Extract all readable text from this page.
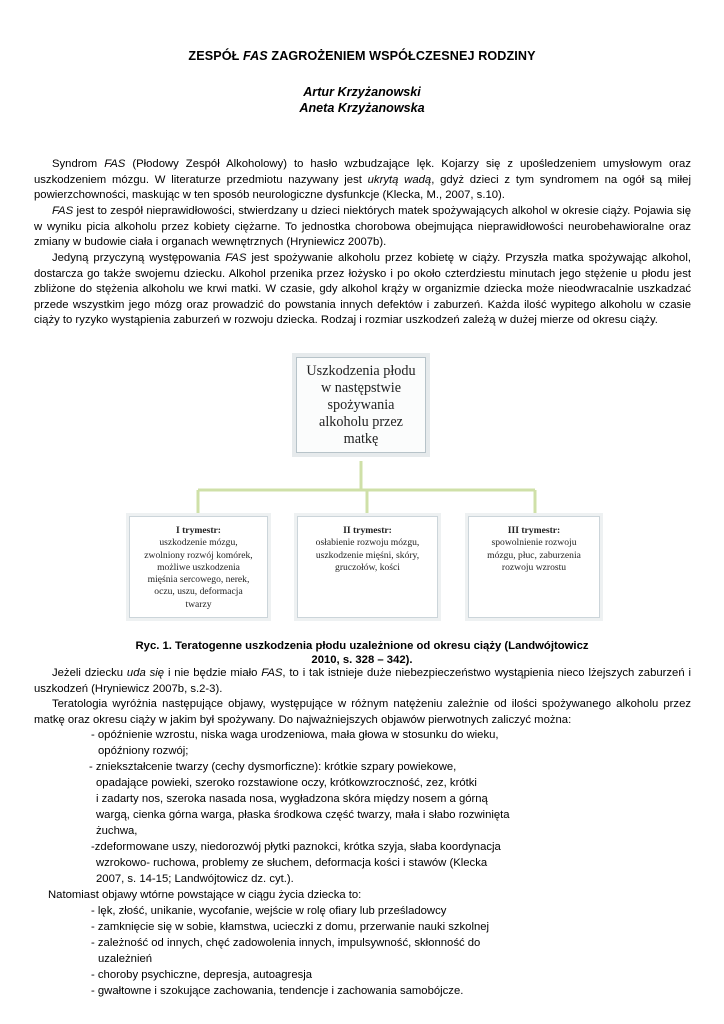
ZESPÓŁ FAS ZAGROŻENIEM WSPÓŁCZESNEJ RODZINY
Artur Krzyżanowski
Aneta Krzyżanowska

Syndrom FAS (Płodowy Zespół Alkoholowy) to hasło wzbudzające lęk. Kojarzy się z upośledzeniem umysłowym oraz uszkodzeniem mózgu. W literaturze przedmiotu nazywany jest ukrytą wadą, gdyż dzieci z tym syndromem na ogół są miłej powierzchowności, maskując w ten sposób neurologiczne dysfunkcje (Klecka, M., 2007, s.10).

FAS jest to zespół nieprawidłowości, stwierdzany u dzieci niektórych matek spożywających alkohol w okresie ciąży. Pojawia się w wyniku picia alkoholu przez kobiety ciężarne. To jednostka chorobowa obejmująca nieprawidłowości neurobehawioralne oraz zmiany w budowie ciała i organach wewnętrznych (Hryniewicz 2007b).

Jedyną przyczyną występowania FAS jest spożywanie alkoholu przez kobietę w ciąży. Przyszła matka spożywając alkohol, dostarcza go także swojemu dziecku. Alkohol przenika przez łożysko i po około czterdziestu minutach jego stężenie u płodu jest zbliżone do stężenia alkoholu we krwi matki. W czasie, gdy alkohol krąży w organizmie dziecka może nieodwracalnie uszkadzać przede wszystkim jego mózg oraz prowadzić do powstania innych defektów i zaburzeń. Każda ilość wypitego alkoholu w czasie ciąży to ryzyko wystąpienia zaburzeń w rozwoju dziecka. Rodzaj i rozmiar uszkodzeń zależą w dużej mierze od okresu ciąży.

Uszkodzenia płodu
w następstwie
spożywania
alkoholu przez
matkę
I trymestr:
uszkodzenie mózgu,
zwolniony rozwój komórek,
możliwe uszkodzenia
mięśnia sercowego, nerek,
oczu, uszu, deformacja
twarzy
II trymestr:
osłabienie rozwoju mózgu,
uszkodzenie mięśni, skóry,
gruczołów, kości
III trymestr:
spowolnienie rozwoju
mózgu, płuc, zaburzenia
rozwoju wzrostu
Ryc. 1. Teratogenne uszkodzenia płodu uzależnione od okresu ciąży (Landwójtowicz
2010, s. 328 – 342).

Jeżeli dziecku uda się i nie będzie miało FAS, to i tak istnieje duże niebezpieczeństwo wystąpienia nieco lżejszych zaburzeń i uszkodzeń (Hryniewicz 2007b, s.2-3).

Teratologia wyróżnia następujące objawy, występujące w różnym natężeniu zależnie od ilości spożywanego alkoholu przez matkę oraz okresu ciąży w jakim był spożywany. Do najważniejszych objawów pierwotnych zaliczyć można:

- opóźnienie wzrostu, niska waga urodzeniowa, mała głowa w stosunku do wieku,
opóźniony rozwój;
- zniekształcenie twarzy (cechy dysmorficzne): krótkie szpary powiekowe,
opadające powieki, szeroko rozstawione oczy, krótkowzroczność, zez, krótki
i zadarty nos, szeroka nasada nosa, wygładzona skóra między nosem a górną
wargą, cienka górna warga, płaska środkowa część twarzy, mała i słabo rozwinięta
żuchwa,
-zdeformowane uszy, niedorozwój płytki paznokci, krótka szyja, słaba koordynacja
wzrokowo- ruchowa, problemy ze słuchem, deformacja kości i stawów (Klecka
2007, s. 14-15; Landwójtowicz dz. cyt.).
Natomiast objawy wtórne powstające w ciągu życia dziecka to:
- lęk, złość, unikanie, wycofanie, wejście w rolę ofiary lub prześladowcy
- zamknięcie się w sobie, kłamstwa, ucieczki z domu, przerwanie nauki szkolnej
- zależność od innych, chęć zadowolenia innych, impulsywność, skłonność do
uzależnień
- choroby psychiczne, depresja, autoagresja
- gwałtowne i szokujące zachowania, tendencje i zachowania samobójcze.
